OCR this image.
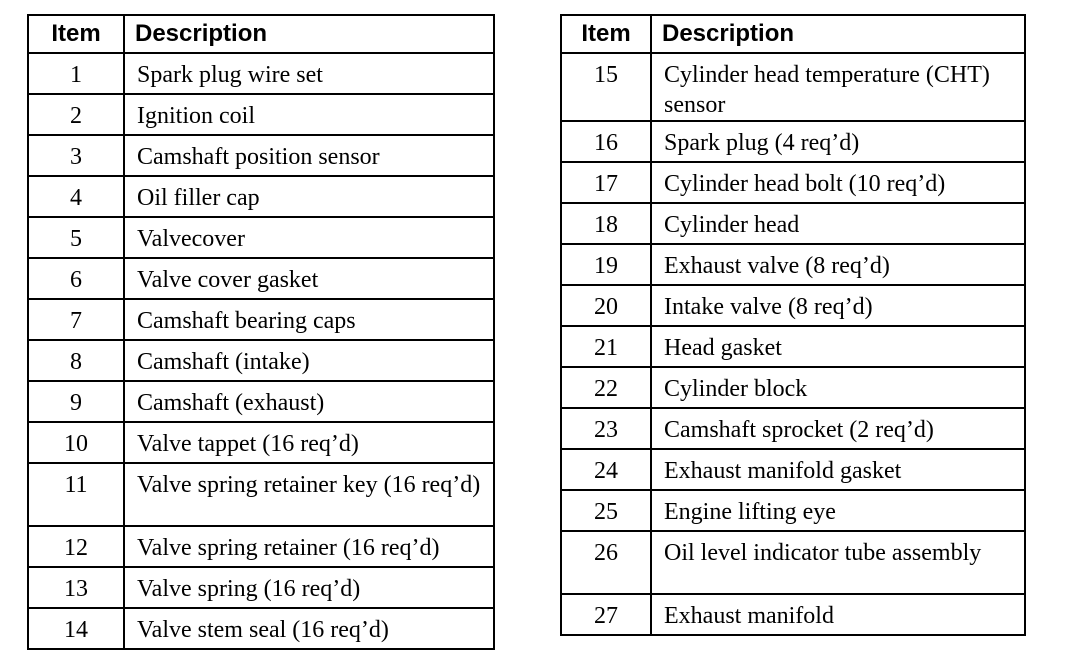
Item	Description
1	Spark plug wire set
2	Ignition coil
3	Camshaft position sensor
4	Oil filler cap
5	Valvecover
6	Valve cover gasket
7	Camshaft bearing caps
8	Camshaft (intake)
9	Camshaft (exhaust)
10	Valve tappet (16 req’d)
11	Valve spring retainer key (16 req’d)
12	Valve spring retainer (16 req’d)
13	Valve spring (16 req’d)
14	Valve stem seal (16 req’d)
Item	Description
15	Cylinder head temperature (CHT) sensor
16	Spark plug (4 req’d)
17	Cylinder head bolt (10 req’d)
18	Cylinder head
19	Exhaust valve (8 req’d)
20	Intake valve (8 req’d)
21	Head gasket
22	Cylinder block
23	Camshaft sprocket (2 req’d)
24	Exhaust manifold gasket
25	Engine lifting eye
26	Oil level indicator tube assembly
27	Exhaust manifold
